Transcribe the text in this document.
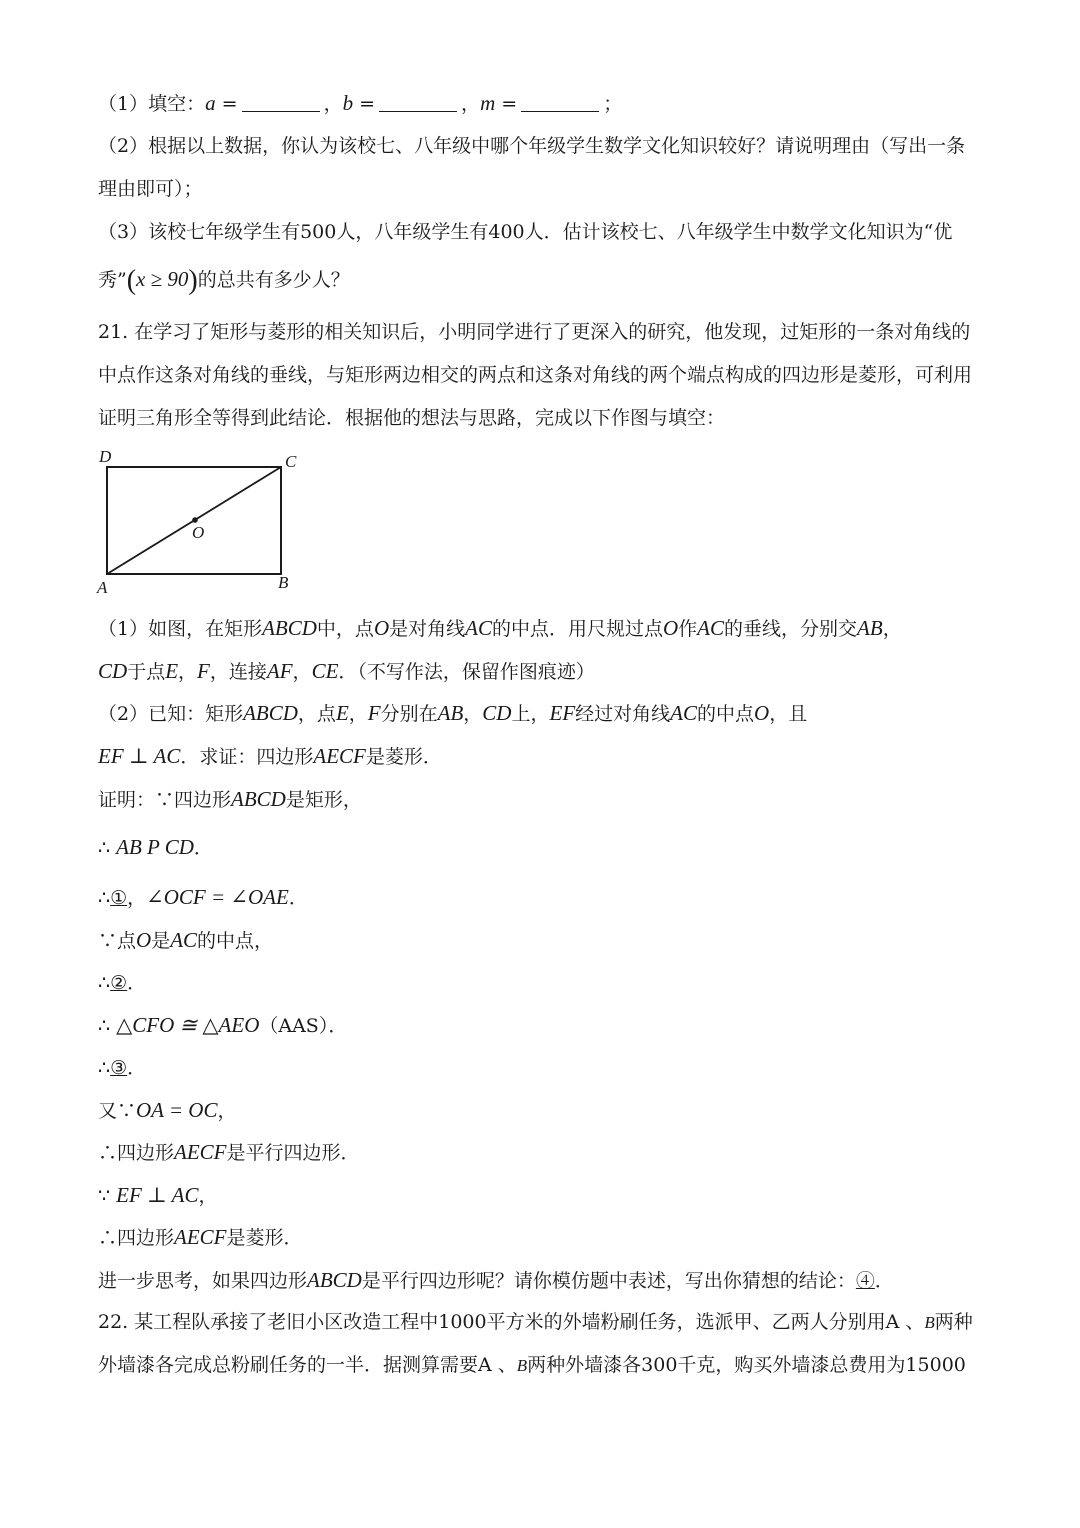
（1）填空：a =	，b =	，m =	；
（2）根据以上数据，你认为该校七、八年级中哪个年级学生数学文化知识较好？请说明理由（写出一条
理由即可）；
（3）该校七年级学生有500人，八年级学生有400人．估计该校七、八年级学生中数学文化知识为“优
秀”(x ≥ 90)的总共有多少人？
21. 在学习了矩形与菱形的相关知识后，小明同学进行了更深入的研究，他发现，过矩形的一条对角线的
中点作这条对角线的垂线，与矩形两边相交的两点和这条对角线的两个端点构成的四边形是菱形，可利用
证明三角形全等得到此结论．根据他的想法与思路，完成以下作图与填空：
D	C
O
A	B
（1）如图，在矩形ABCD中，点O是对角线AC的中点．用尺规过点O作AC的垂线，分别交AB，
CD于点E，F，连接AF，CE．（不写作法，保留作图痕迹）
（2）已知：矩形ABCD，点E，F分别在AB，CD上，EF经过对角线AC的中点O，且
EF ⊥ AC．求证：四边形AECF是菱形．
证明：∵四边形ABCD是矩形，
∴ AB P CD．
∴①，∠OCF = ∠OAE．
∵点O是AC的中点，
∴②．
∴ △CFO ≅ △AEO（AAS）．
∴③．
又∵OA = OC，
∴四边形AECF是平行四边形．
∵ EF ⊥ AC，
∴四边形AECF是菱形．
进一步思考，如果四边形ABCD是平行四边形呢？请你模仿题中表述，写出你猜想的结论：④．
22. 某工程队承接了老旧小区改造工程中1000平方米的外墙粉刷任务，选派甲、乙两人分别用A 、B两种
外墙漆各完成总粉刷任务的一半．据测算需要A 、B两种外墙漆各300千克，购买外墙漆总费用为15000
